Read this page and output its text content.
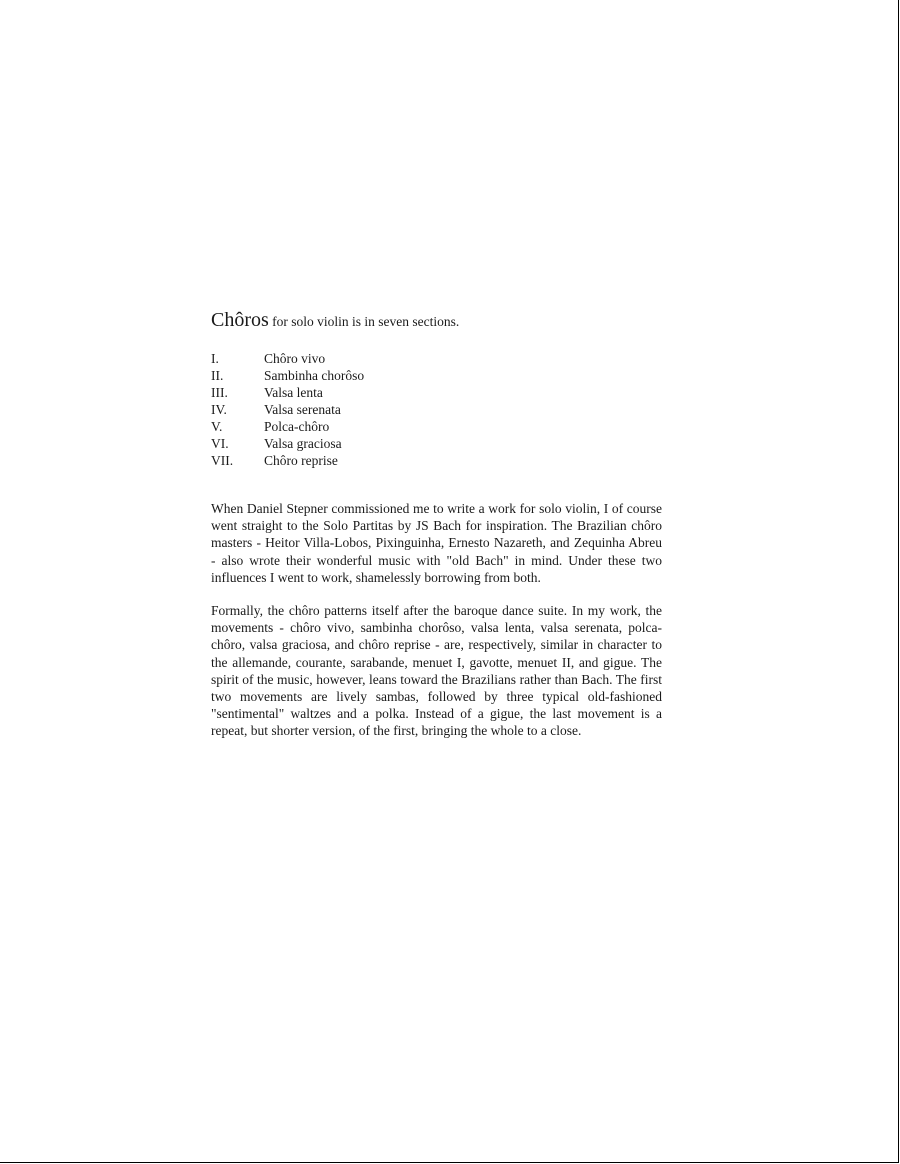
Chôros for solo violin is in seven sections.

I.	Chôro vivo
II.	Sambinha chorôso
III.	Valsa lenta
IV.	Valsa serenata
V.	Polca-chôro
VI.	Valsa graciosa
VII.	Chôro reprise

When Daniel Stepner commissioned me to write a work for solo violin, I of course went straight to the Solo Partitas by JS Bach for inspiration. The Brazilian chôro masters - Heitor Villa-Lobos, Pixinguinha, Ernesto Nazareth, and Zequinha Abreu - also wrote their wonderful music with "old Bach" in mind. Under these two influences I went to work, shamelessly borrowing from both.

Formally, the chôro patterns itself after the baroque dance suite. In my work, the movements - chôro vivo, sambinha chorôso, valsa lenta, valsa serenata, polca-chôro, valsa graciosa, and chôro reprise - are, respectively, similar in character to the allemande, courante, sarabande, menuet I, gavotte, menuet II, and gigue. The spirit of the music, however, leans toward the Brazilians rather than Bach. The first two movements are lively sambas, followed by three typical old-fashioned "sentimental" waltzes and a polka. Instead of a gigue, the last movement is a repeat, but shorter version, of the first, bringing the whole to a close.
